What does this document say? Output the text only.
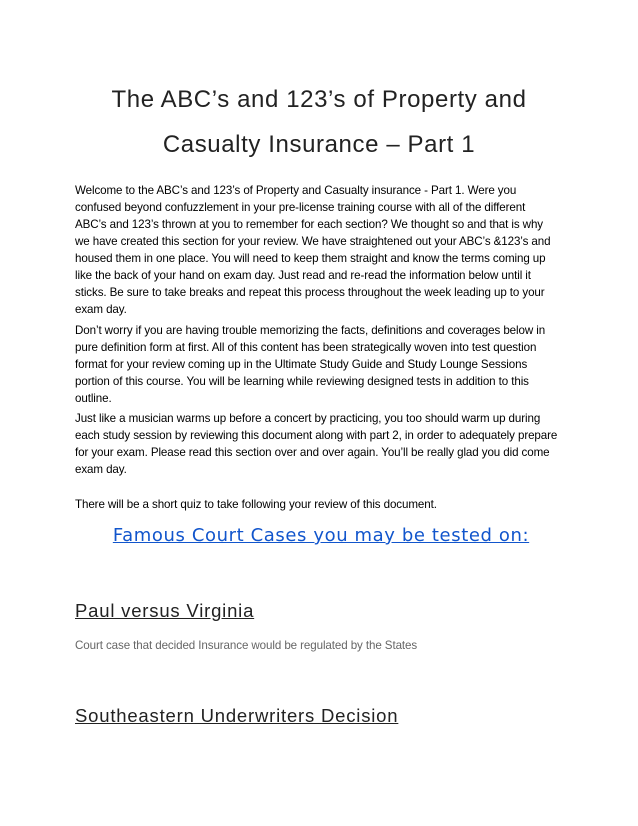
The ABC’s and 123’s of Property and
Casualty Insurance – Part 1
Welcome to the ABC’s and 123’s of Property and Casualty insurance - Part 1. Were you
confused beyond confuzzlement in your pre-license training course with all of the different
ABC’s and 123’s thrown at you to remember for each section? We thought so and that is why
we have created this section for your review. We have straightened out your ABC’s &123’s and
housed them in one place. You will need to keep them straight and know the terms coming up
like the back of your hand on exam day. Just read and re-read the information below until it
sticks. Be sure to take breaks and repeat this process throughout the week leading up to your
exam day.
Don’t worry if you are having trouble memorizing the facts, definitions and coverages below in
pure definition form at first. All of this content has been strategically woven into test question
format for your review coming up in the Ultimate Study Guide and Study Lounge Sessions
portion of this course. You will be learning while reviewing designed tests in addition to this
outline.
Just like a musician warms up before a concert by practicing, you too should warm up during
each study session by reviewing this document along with part 2, in order to adequately prepare
for your exam. Please read this section over and over again. You’ll be really glad you did come
exam day.
There will be a short quiz to take following your review of this document.
Famous Court Cases you may be tested on:
Paul versus Virginia
Court case that decided Insurance would be regulated by the States
Southeastern Underwriters Decision
